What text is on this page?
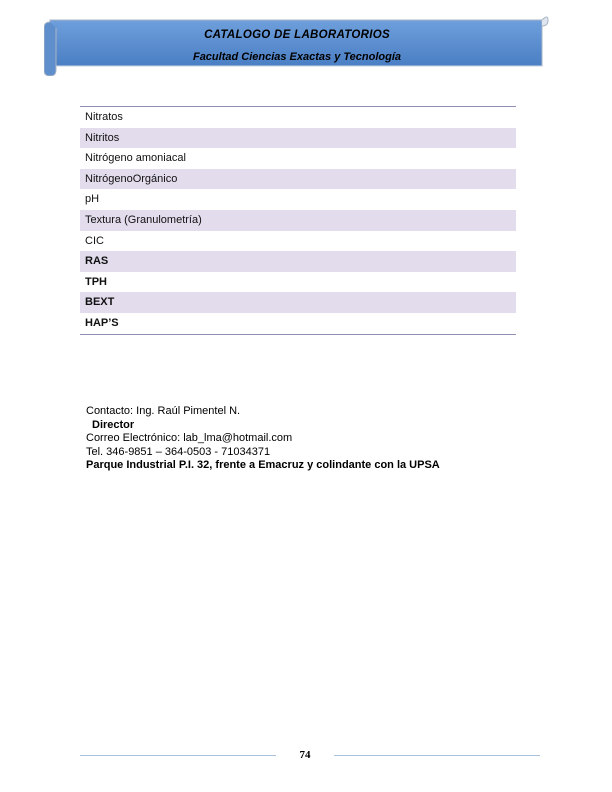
CATALOGO DE LABORATORIOS
Facultad Ciencias Exactas y Tecnología
Nitratos
Nitritos
Nitrógeno amoniacal
NitrógenoOrgánico
pH
Textura (Granulometría)
CIC
RAS
TPH
BEXT
HAP’S
Contacto: Ing. Raúl Pimentel N.
Director
Correo Electrónico: lab_lma@hotmail.com
Tel. 346-9851 – 364-0503 - 71034371
Parque Industrial P.I. 32, frente a Emacruz y colindante con la UPSA
74
